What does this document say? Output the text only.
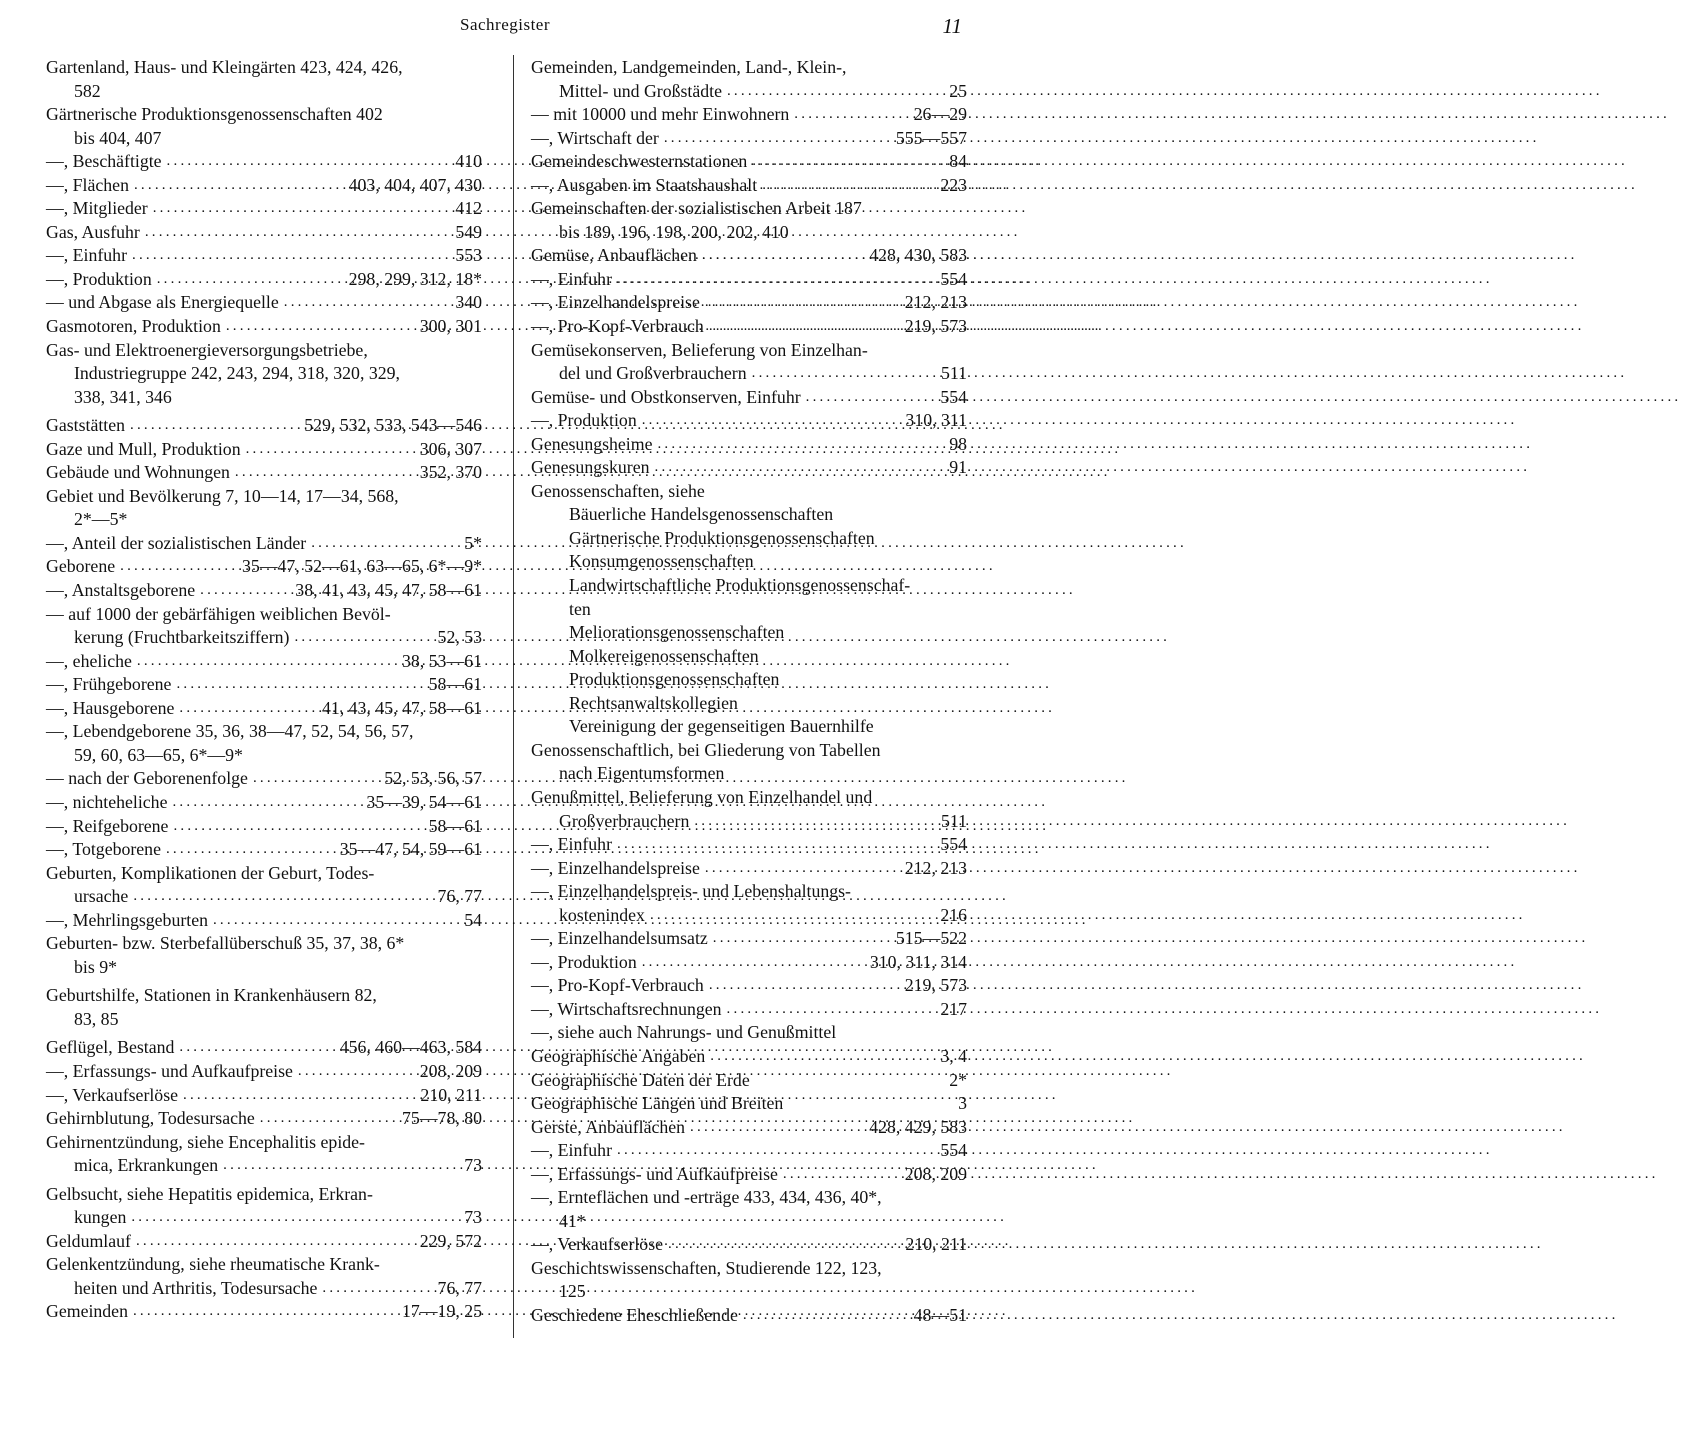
Sachregister	11
Gartenland, Haus- und Kleingärten 423, 424, 426,
582
Gärtnerische Produktionsgenossenschaften 402
bis 404, 407
—, Beschäftigte .....	410
—, Flächen .....	403, 404, 407, 430
—, Mitglieder .....	412
Gas, Ausfuhr .....	549
—, Einfuhr .....	553
—, Produktion .....	298, 299, 312, 18*
— und Abgase als Energiequelle .....	340
Gasmotoren, Produktion .....	300, 301
Gas- und Elektroenergieversorgungsbetriebe,
Industriegruppe 242, 243, 294, 318, 320, 329,
338, 341, 346
Gaststätten .....	529, 532, 533, 543—546
Gaze und Mull, Produktion .....	306, 307
Gebäude und Wohnungen .....	352, 370
Gebiet und Bevölkerung 7, 10—14, 17—34, 568,
2*—5*
—, Anteil der sozialistischen Länder .....	5*
Geborene .....	35—47, 52—61, 63—65, 6*—9*
—, Anstaltsgeborene .....	38, 41, 43, 45, 47, 58—61
— auf 1000 der gebärfähigen weiblichen Bevöl-
kerung (Fruchtbarkeitsziffern) .....	52, 53
—, eheliche .....	38, 53—61
—, Frühgeborene .....	58—61
—, Hausgeborene .....	41, 43, 45, 47, 58—61
—, Lebendgeborene 35, 36, 38—47, 52, 54, 56, 57,
59, 60, 63—65, 6*—9*
— nach der Geborenenfolge .....	52, 53, 56, 57
—, nichteheliche .....	35—39, 54—61
—, Reifgeborene .....	58—61
—, Totgeborene .....	35—47, 54, 59—61
Geburten, Komplikationen der Geburt, Todes-
ursache .....	76, 77
—, Mehrlingsgeburten .....	54
Geburten- bzw. Sterbefallüberschuß 35, 37, 38, 6*
bis 9*
Geburtshilfe, Stationen in Krankenhäusern 82,
83, 85
Geflügel, Bestand .....	456, 460—463, 584
—, Erfassungs- und Aufkaufpreise .....	208, 209
—, Verkaufserlöse .....	210, 211
Gehirnblutung, Todesursache .....	75—78, 80
Gehirnentzündung, siehe Encephalitis epide-
mica, Erkrankungen .....	73
Gelbsucht, siehe Hepatitis epidemica, Erkran-
kungen .....	73
Geldumlauf .....	229, 572
Gelenkentzündung, siehe rheumatische Krank-
heiten und Arthritis, Todesursache .....	76, 77
Gemeinden .....	17—19, 25
Gemeinden, Landgemeinden, Land-, Klein-,
Mittel- und Großstädte .....	25
— mit 10000 und mehr Einwohnern .....	26—29
—, Wirtschaft der .....	555—557
Gemeindeschwesternstationen .....	84
—, Ausgaben im Staatshaushalt .....	223
Gemeinschaften der sozialistischen Arbeit 187
bis 189, 196, 198, 200, 202, 410
Gemüse, Anbauflächen .....	428, 430, 583
—, Einfuhr .....	554
—, Einzelhandelspreise .....	212, 213
—, Pro-Kopf-Verbrauch .....	219, 573
Gemüsekonserven, Belieferung von Einzelhan-
del und Großverbrauchern .....	511
Gemüse- und Obstkonserven, Einfuhr .....	554
—, Produktion .....	310, 311
Genesungsheime .....	98
Genesungskuren .....	91
Genossenschaften, siehe
Bäuerliche Handelsgenossenschaften
Gärtnerische Produktionsgenossenschaften
Konsumgenossenschaften
Landwirtschaftliche Produktionsgenossenschaf-
ten
Meliorationsgenossenschaften
Molkereigenossenschaften
Produktionsgenossenschaften
Rechtsanwaltskollegien
Vereinigung der gegenseitigen Bauernhilfe
Genossenschaftlich, bei Gliederung von Tabellen
nach Eigentumsformen
Genußmittel, Belieferung von Einzelhandel und
Großverbrauchern .....	511
—, Einfuhr .....	554
—, Einzelhandelspreise .....	212, 213
—, Einzelhandelspreis- und Lebenshaltungs-
kostenindex .....	216
—, Einzelhandelsumsatz .....	515—522
—, Produktion .....	310, 311, 314
—, Pro-Kopf-Verbrauch .....	219, 573
—, Wirtschaftsrechnungen .....	217
—, siehe auch Nahrungs- und Genußmittel
Geographische Angaben .....	3, 4
Geographische Daten der Erde	2*
Geographische Längen und Breiten	3
Gerste, Anbauflächen .....	428, 429, 583
—, Einfuhr .....	554
—, Erfassungs- und Aufkaufpreise .....	208, 209
—, Ernteflächen und -erträge 433, 434, 436, 40*,
41*
—, Verkaufserlöse .....	210, 211
Geschichtswissenschaften, Studierende 122, 123,
125
Geschiedene Eheschließende .....	48—51
